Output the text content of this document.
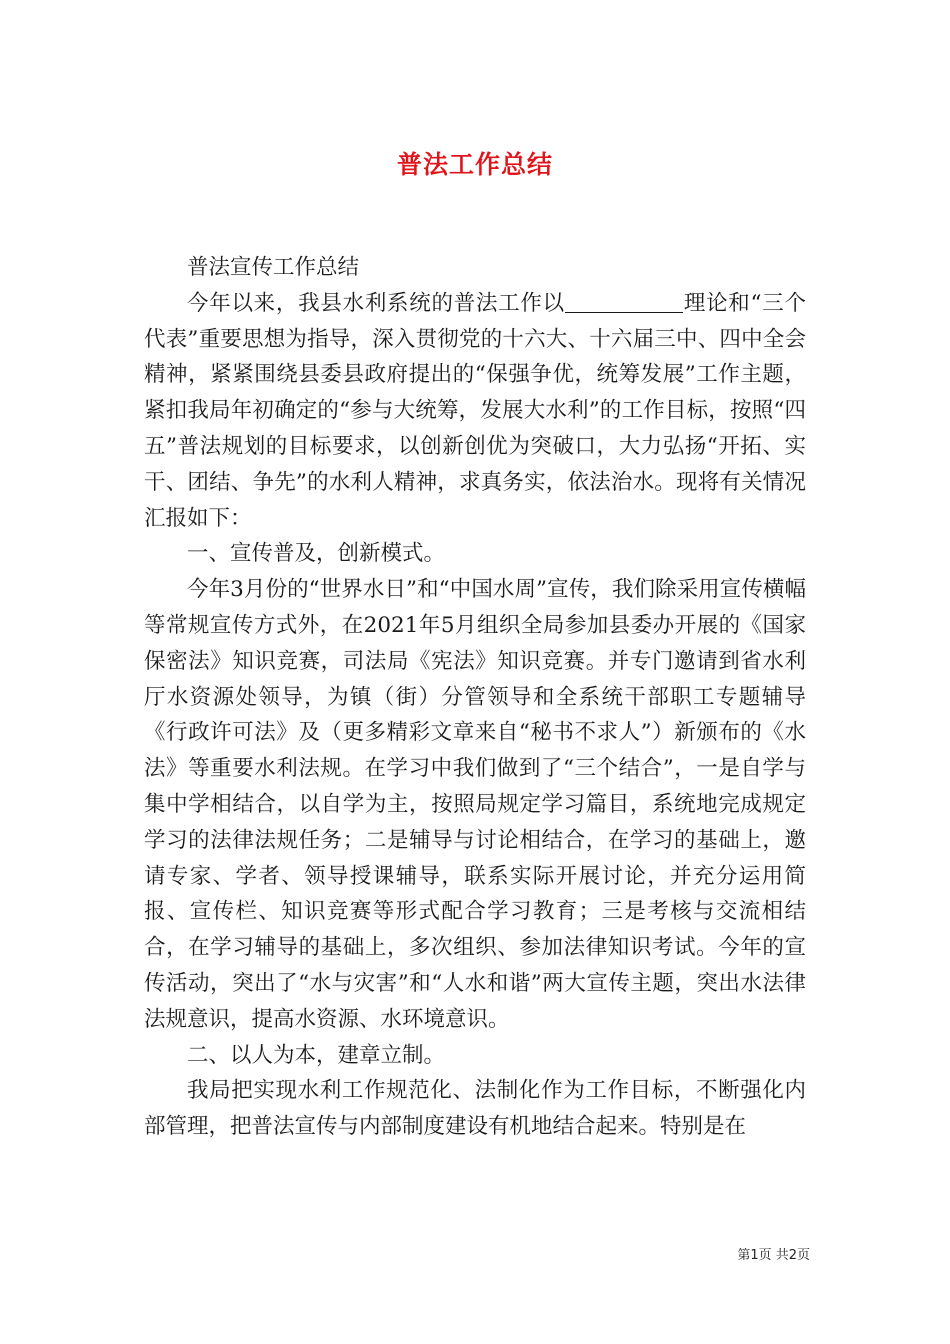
普法工作总结

普法宣传工作总结

今年以来，我县水利系统的普法工作以	理论和“三个代表”重要思想为指导，深入贯彻党的十六大、十六届三中、四中全会精神，紧紧围绕县委县政府提出的“保强争优，统筹发展”工作主题，紧扣我局年初确定的“参与大统筹，发展大水利”的工作目标，按照“四五”普法规划的目标要求，以创新创优为突破口，大力弘扬“开拓、实干、团结、争先”的水利人精神，求真务实，依法治水。现将有关情况汇报如下：

一、宣传普及，创新模式。

今年3月份的“世界水日”和“中国水周”宣传，我们除采用宣传横幅等常规宣传方式外，在2021年5月组织全局参加县委办开展的《国家保密法》知识竞赛，司法局《宪法》知识竞赛。并专门邀请到省水利厅水资源处领导，为镇（街）分管领导和全系统干部职工专题辅导《行政许可法》及（更多精彩文章来自“秘书不求人”）新颁布的《水法》等重要水利法规。在学习中我们做到了“三个结合”，一是自学与集中学相结合，以自学为主，按照局规定学习篇目，系统地完成规定学习的法律法规任务；二是辅导与讨论相结合，在学习的基础上，邀请专家、学者、领导授课辅导，联系实际开展讨论，并充分运用简报、宣传栏、知识竞赛等形式配合学习教育；三是考核与交流相结合，在学习辅导的基础上，多次组织、参加法律知识考试。今年的宣传活动，突出了“水与灾害”和“人水和谐”两大宣传主题，突出水法律法规意识，提高水资源、水环境意识。

二、以人为本，建章立制。

我局把实现水利工作规范化、法制化作为工作目标，不断强化内部管理，把普法宣传与内部制度建设有机地结合起来。特别是在

第1页 共2页
